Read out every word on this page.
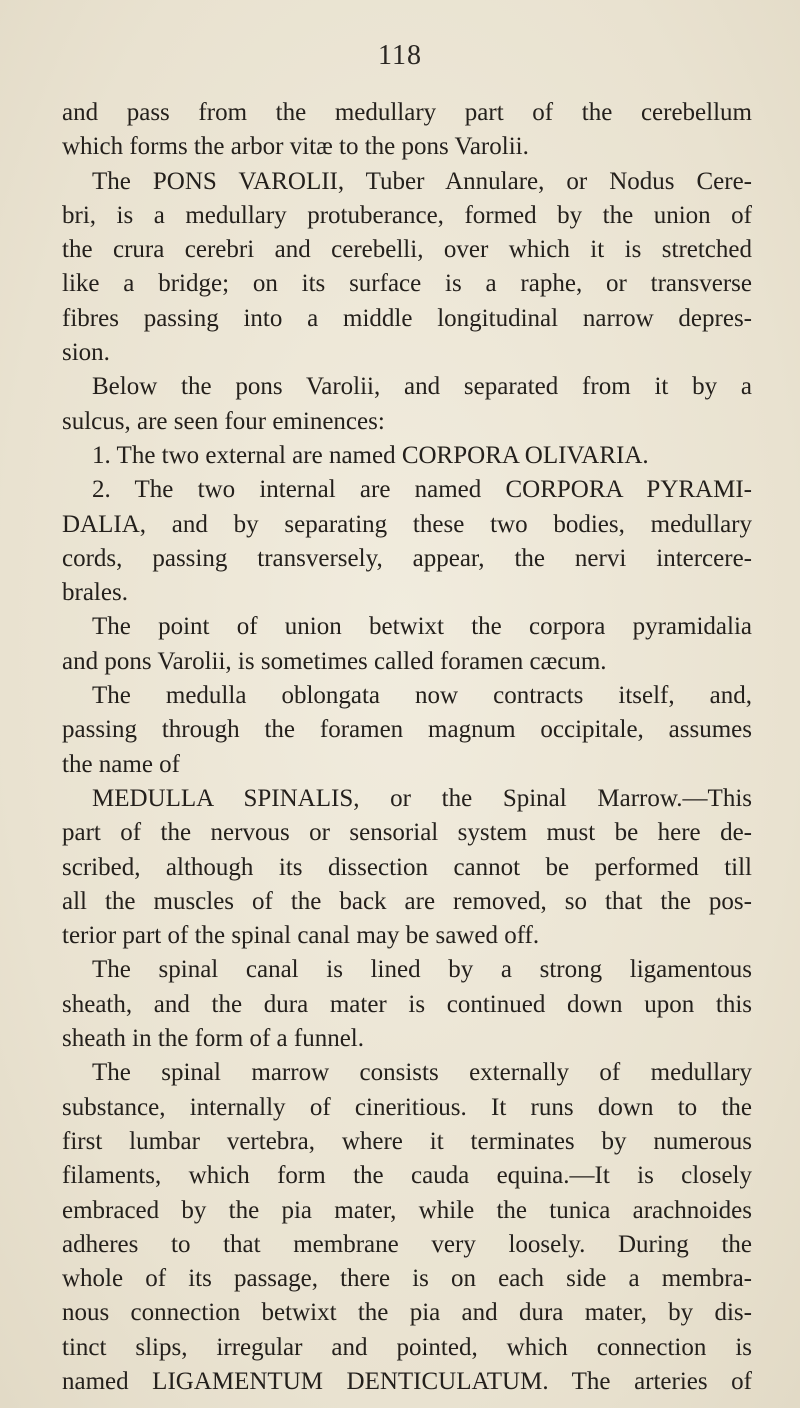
118
and pass from the medullary part of the cerebellum
which forms the arbor vitæ to the pons Varolii.
The PONS VAROLII, Tuber Annulare, or Nodus Cere-
bri, is a medullary protuberance, formed by the union of
the crura cerebri and cerebelli, over which it is stretched
like a bridge; on its surface is a raphe, or transverse
fibres passing into a middle longitudinal narrow depres-
sion.
Below the pons Varolii, and separated from it by a
sulcus, are seen four eminences:
1. The two external are named CORPORA OLIVARIA.
2. The two internal are named CORPORA PYRAMI-
DALIA, and by separating these two bodies, medullary
cords, passing transversely, appear, the nervi intercere-
brales.
The point of union betwixt the corpora pyramidalia
and pons Varolii, is sometimes called foramen cæcum.
The medulla oblongata now contracts itself, and,
passing through the foramen magnum occipitale, assumes
the name of
MEDULLA SPINALIS, or the Spinal Marrow.—This
part of the nervous or sensorial system must be here de-
scribed, although its dissection cannot be performed till
all the muscles of the back are removed, so that the pos-
terior part of the spinal canal may be sawed off.
The spinal canal is lined by a strong ligamentous
sheath, and the dura mater is continued down upon this
sheath in the form of a funnel.
The spinal marrow consists externally of medullary
substance, internally of cineritious. It runs down to the
first lumbar vertebra, where it terminates by numerous
filaments, which form the cauda equina.—It is closely
embraced by the pia mater, while the tunica arachnoides
adheres to that membrane very loosely. During the
whole of its passage, there is on each side a membra-
nous connection betwixt the pia and dura mater, by dis-
tinct slips, irregular and pointed, which connection is
named LIGAMENTUM DENTICULATUM. The arteries of
